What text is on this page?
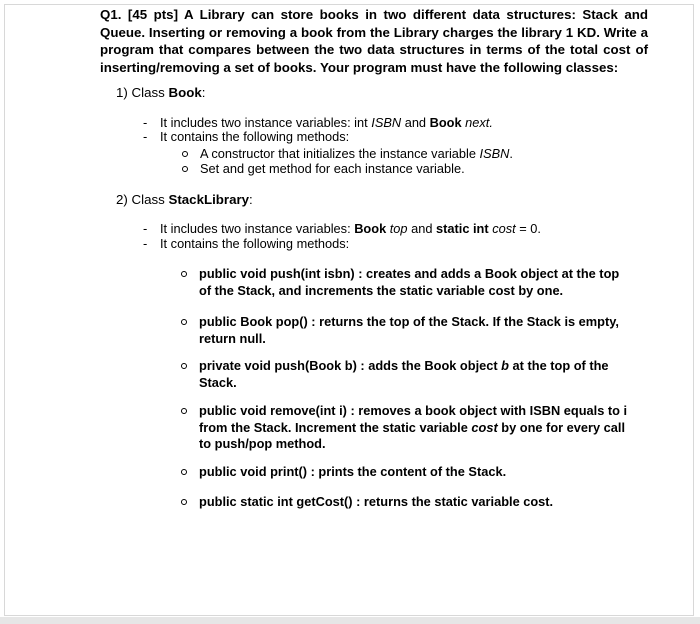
Q1. [45 pts] A Library can store books in two different data structures: Stack and Queue. Inserting or removing a book from the Library charges the library 1 KD. Write a program that compares between the two data structures in terms of the total cost of inserting/removing a set of books. Your program must have the following classes:
1) Class Book:
- It includes two instance variables: int ISBN and Book next.
- It contains the following methods:
A constructor that initializes the instance variable ISBN.
Set and get method for each instance variable.
2) Class StackLibrary:
- It includes two instance variables: Book top and static int cost = 0.
- It contains the following methods:
public void push(int isbn) : creates and adds a Book object at the top
of the Stack, and increments the static variable cost by one.
public Book pop() : returns the top of the Stack. If the Stack is empty,
return null.
private void push(Book b) : adds the Book object b at the top of the
Stack.
public void remove(int i) : removes a book object with ISBN equals to i
from the Stack. Increment the static variable cost by one for every call
to push/pop method.
public void print() : prints the content of the Stack.
public static int getCost() : returns the static variable cost.
